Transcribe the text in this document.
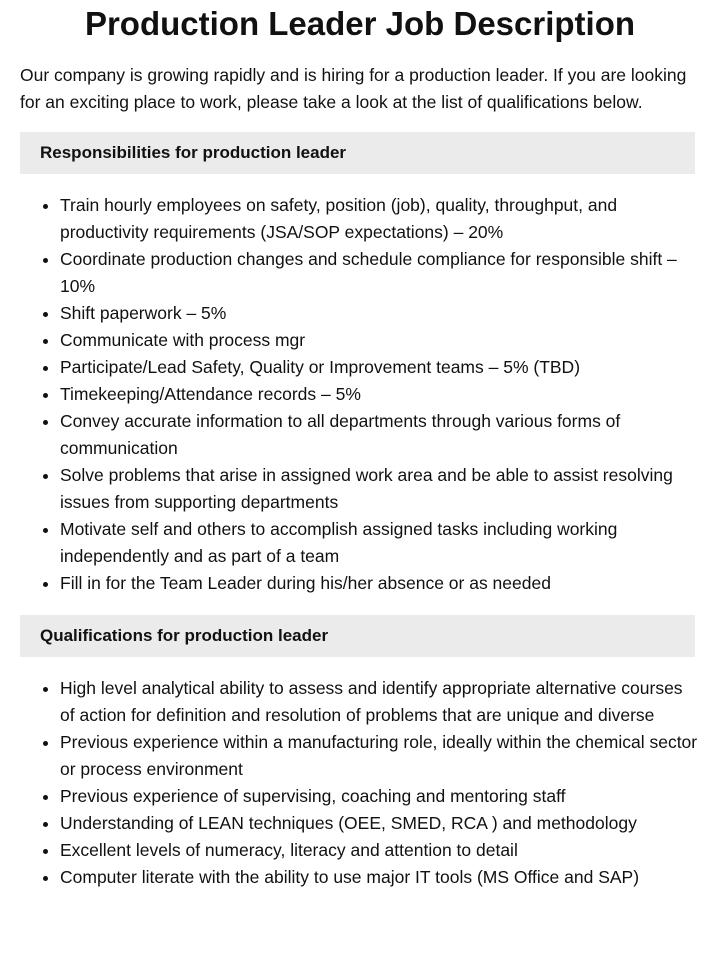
Production Leader Job Description

Our company is growing rapidly and is hiring for a production leader. If you are looking for an exciting place to work, please take a look at the list of qualifications below.

Responsibilities for production leader
• Train hourly employees on safety, position (job), quality, throughput, and productivity requirements (JSA/SOP expectations) – 20%
• Coordinate production changes and schedule compliance for responsible shift – 10%
• Shift paperwork – 5%
• Communicate with process mgr
• Participate/Lead Safety, Quality or Improvement teams – 5% (TBD)
• Timekeeping/Attendance records – 5%
• Convey accurate information to all departments through various forms of communication
• Solve problems that arise in assigned work area and be able to assist resolving issues from supporting departments
• Motivate self and others to accomplish assigned tasks including working independently and as part of a team
• Fill in for the Team Leader during his/her absence or as needed
Qualifications for production leader
• High level analytical ability to assess and identify appropriate alternative courses of action for definition and resolution of problems that are unique and diverse
• Previous experience within a manufacturing role, ideally within the chemical sector or process environment
• Previous experience of supervising, coaching and mentoring staff
• Understanding of LEAN techniques (OEE, SMED, RCA ) and methodology
• Excellent levels of numeracy, literacy and attention to detail
• Computer literate with the ability to use major IT tools (MS Office and SAP)
